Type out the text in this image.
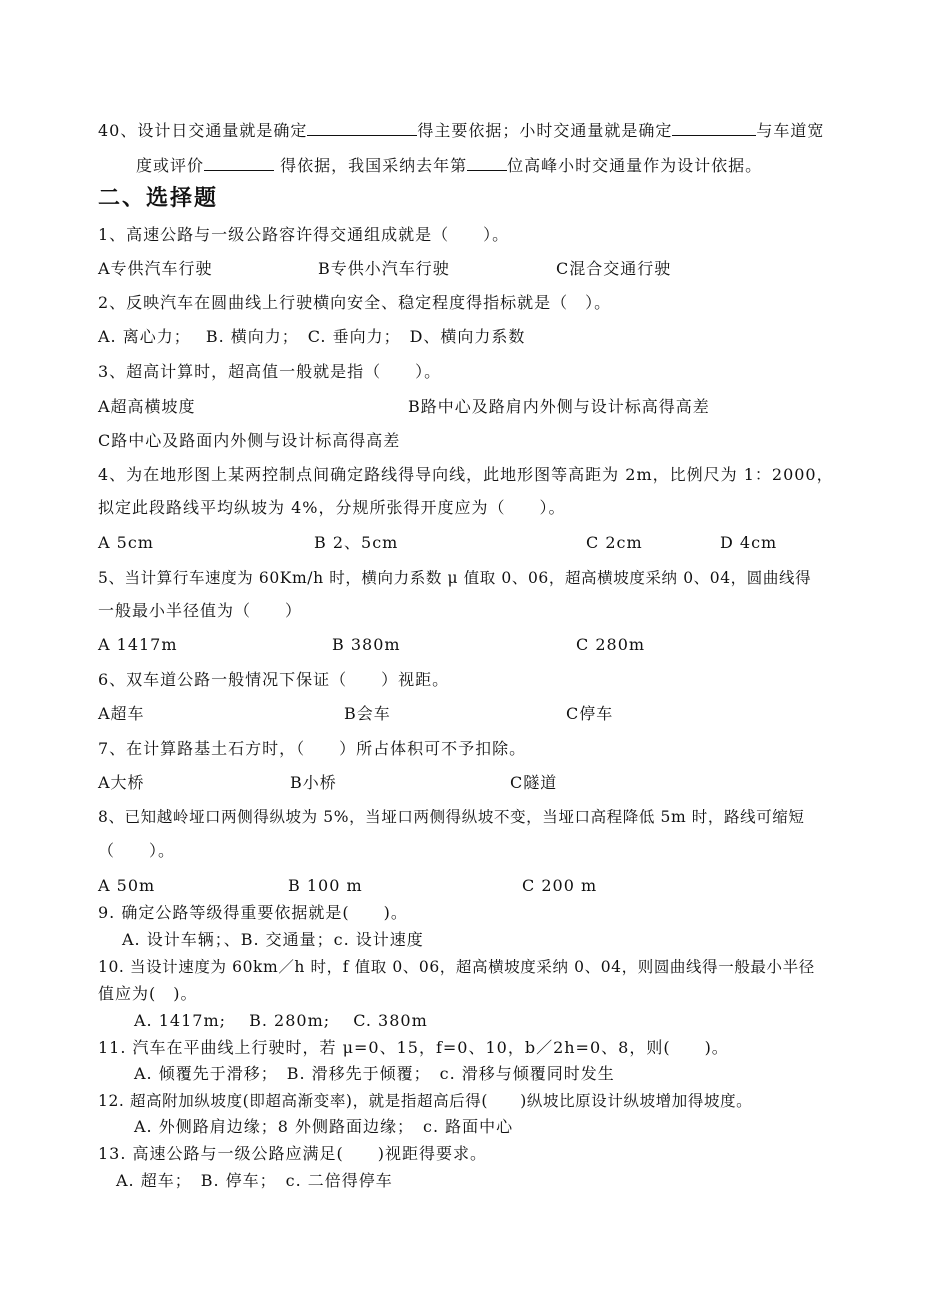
40、设计日交通量就是确定	得主要依据；小时交通量就是确定	与车道宽
度或评价	得依据，我国采纳去年第	位高峰小时交通量作为设计依据。
二、选择题
1、高速公路与一级公路容许得交通组成就是（　　）。
A专供汽车行驶	B专供小汽车行驶	C混合交通行驶
2、反映汽车在圆曲线上行驶横向安全、稳定程度得指标就是（　）。
A. 离心力；　 B. 横向力；　C. 垂向力；　D、横向力系数
3、超高计算时，超高值一般就是指（　　）。
A超高横坡度	B路中心及路肩内外侧与设计标高得高差
C路中心及路面内外侧与设计标高得高差
4、为在地形图上某两控制点间确定路线得导向线，此地形图等高距为 2m，比例尺为 1：2000，
拟定此段路线平均纵坡为 4%，分规所张得开度应为（　　）。
A 5cm	B 2、5cm	C 2cm	D 4cm
5、当计算行车速度为 60Km/h 时，横向力系数 μ 值取 0、06，超高横坡度采纳 0、04，圆曲线得
一般最小半径值为（　　）
A 1417m	B 380m	C 280m
6、双车道公路一般情况下保证（　　）视距。
A超车	B会车	C停车
7、在计算路基土石方时，（　　）所占体积可不予扣除。
A大桥	B小桥	C隧道
8、已知越岭垭口两侧得纵坡为 5%，当垭口两侧得纵坡不变，当垭口高程降低 5m 时，路线可缩短
（　　）。
A 50m	B 100 m	C 200 m
9. 确定公路等级得重要依据就是(　　)。
A. 设计车辆；、B. 交通量；c. 设计速度
10. 当设计速度为 60km／h 时，f 值取 0、06，超高横坡度采纳 0、04，则圆曲线得一般最小半径
值应为(　)。
A. 1417m;　 B. 280m;　 C. 380m
11. 汽车在平曲线上行驶时，若 μ=0、15，f=0、10，b／2h=0、8，则(　　)。
A. 倾覆先于滑移；　B. 滑移先于倾覆；　c. 滑移与倾覆同时发生
12. 超高附加纵坡度(即超高渐变率)，就是指超高后得(　　)纵坡比原设计纵坡增加得坡度。
A. 外侧路肩边缘；8 外侧路面边缘；　c. 路面中心
13. 高速公路与一级公路应满足(　　)视距得要求。
A. 超车；　B. 停车；　c. 二倍得停车
